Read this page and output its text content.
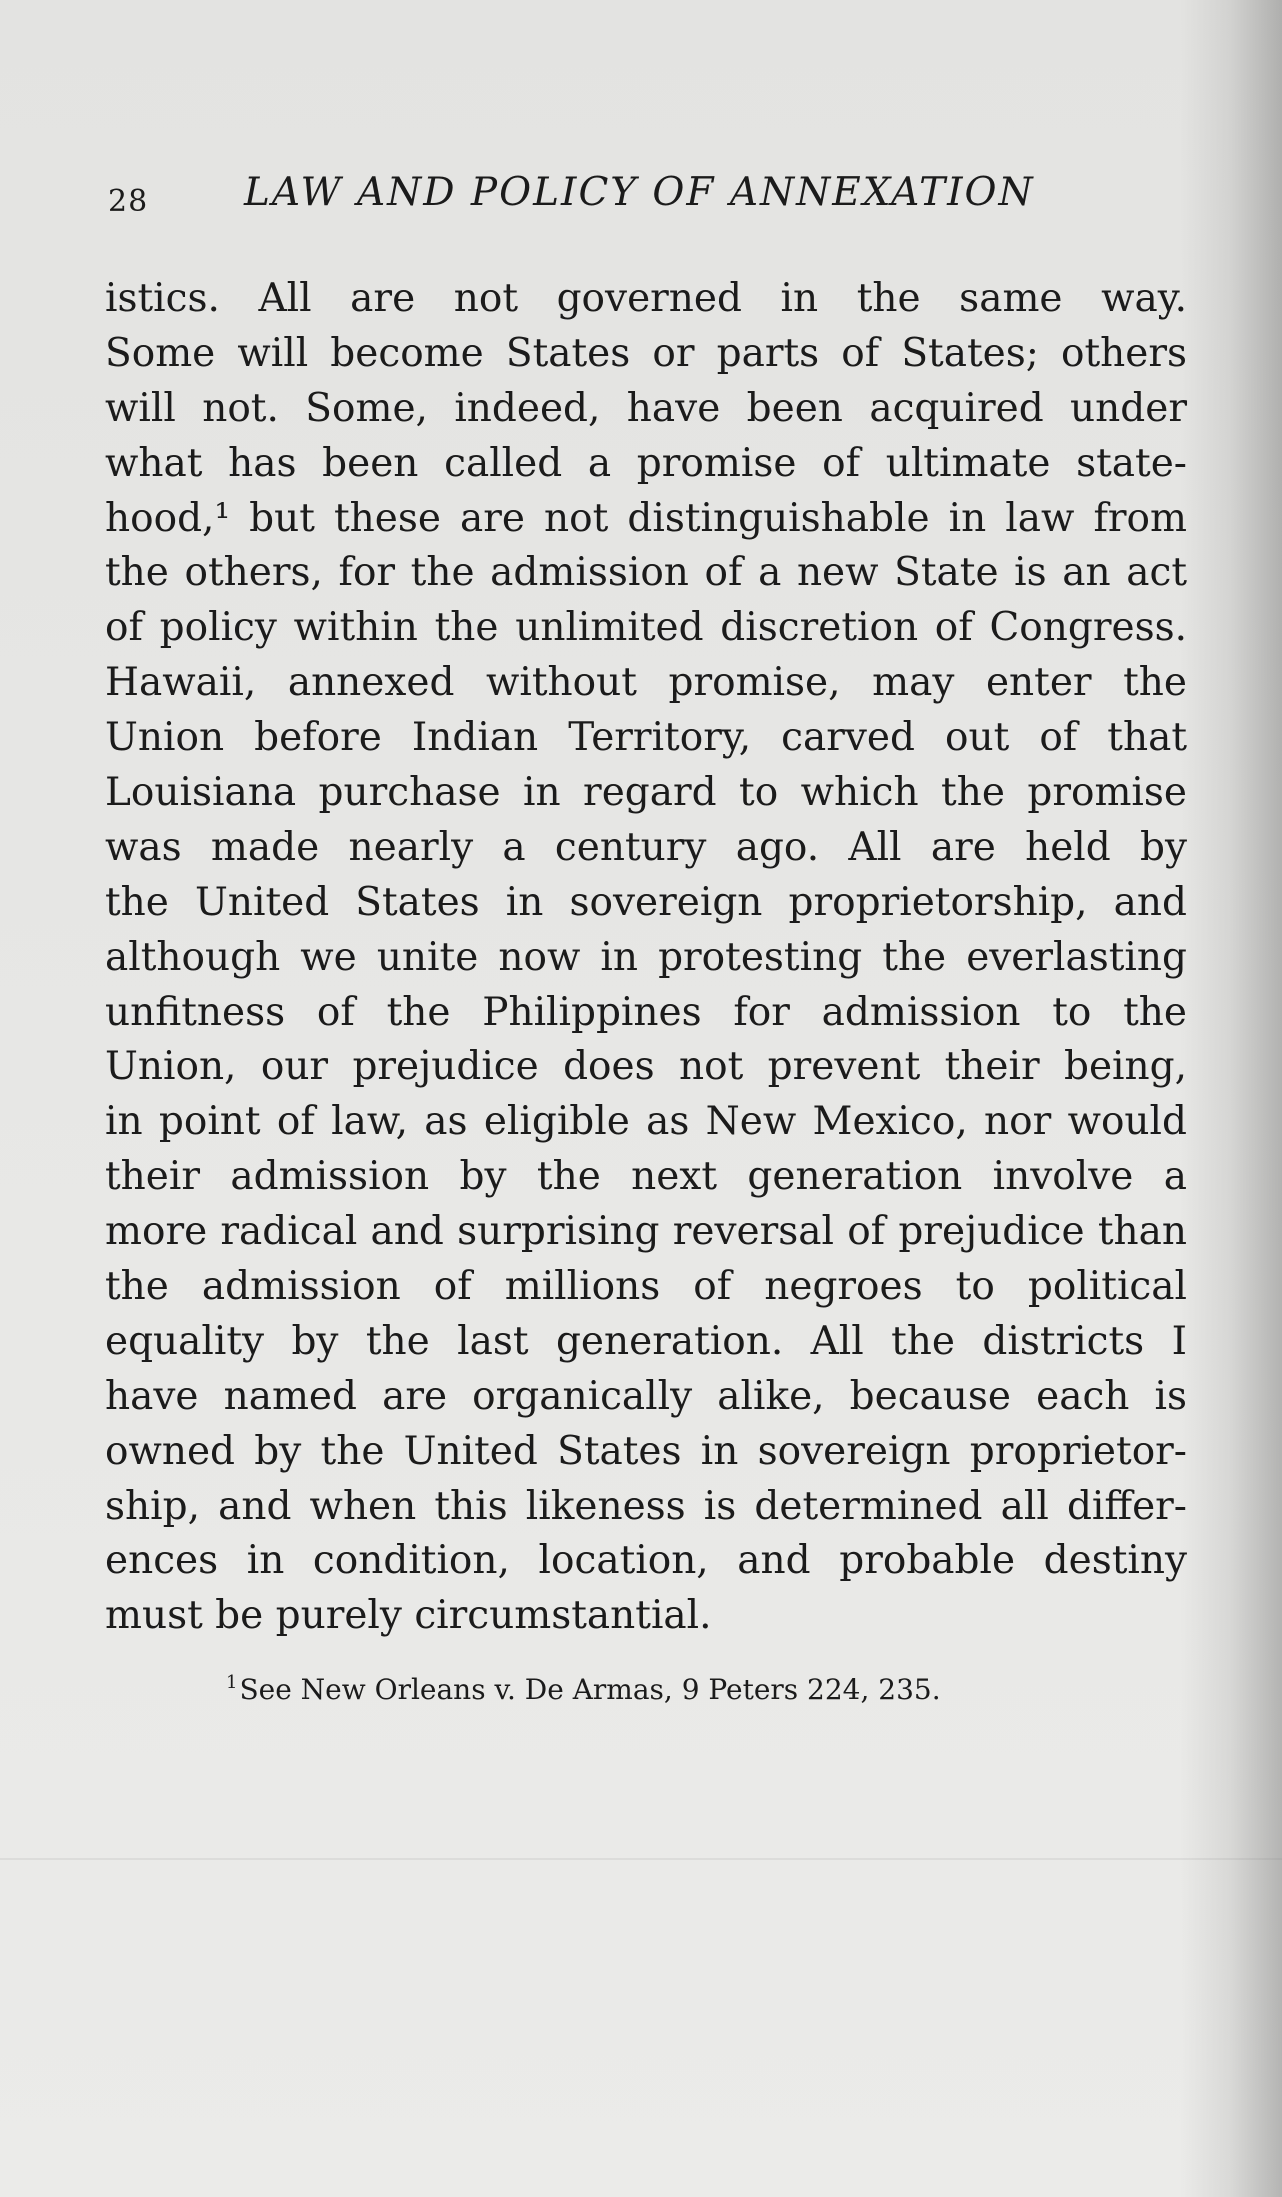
28 LAW AND POLICY OF ANNEXATION
istics. All are not governed in the same way.
Some will become States or parts of States; others
will not. Some, indeed, have been acquired under
what has been called a promise of ultimate state-
hood,¹ but these are not distinguishable in law from
the others, for the admission of a new State is an act
of policy within the unlimited discretion of Congress.
Hawaii, annexed without promise, may enter the
Union before Indian Territory, carved out of that
Louisiana purchase in regard to which the promise
was made nearly a century ago. All are held by
the United States in sovereign proprietorship, and
although we unite now in protesting the everlasting
unfitness of the Philippines for admission to the
Union, our prejudice does not prevent their being,
in point of law, as eligible as New Mexico, nor would
their admission by the next generation involve a
more radical and surprising reversal of prejudice than
the admission of millions of negroes to political
equality by the last generation. All the districts I
have named are organically alike, because each is
owned by the United States in sovereign proprietor-
ship, and when this likeness is determined all differ-
ences in condition, location, and probable destiny
must be purely circumstantial.
$^1$See New Orleans v. De Armas, 9 Peters 224, 235.
